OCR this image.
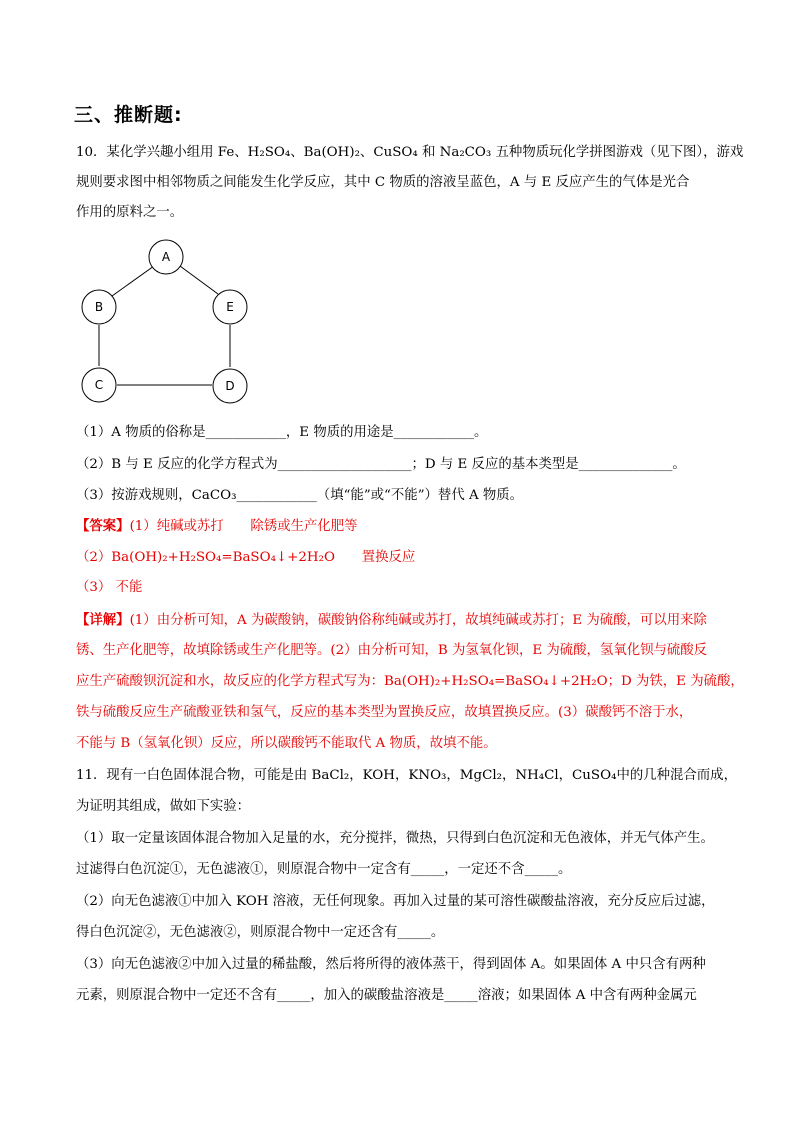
三、推断题:
10．某化学兴趣小组用 Fe、H₂SO₄、Ba(OH)₂、CuSO₄ 和 Na₂CO₃ 五种物质玩化学拼图游戏（见下图），游戏
规则要求图中相邻物质之间能发生化学反应，其中 C 物质的溶液呈蓝色，A 与 E 反应产生的气体是光合
作用的原料之一。
A
B	E
C	D
（1）A 物质的俗称是____________，E 物质的用途是____________。
（2）B 与 E 反应的化学方程式为____________________；D 与 E 反应的基本类型是______________。
（3）按游戏规则，CaCO₃____________（填“能”或“不能”）替代 A 物质。
【答案】(1）纯碱或苏打　　除锈或生产化肥等
（2）Ba(OH)₂+H₂SO₄=BaSO₄↓+2H₂O　　置换反应
（3） 不能
【详解】(1）由分析可知，A 为碳酸钠，碳酸钠俗称纯碱或苏打，故填纯碱或苏打；E 为硫酸，可以用来除
锈、生产化肥等，故填除锈或生产化肥等。(2）由分析可知，B 为氢氧化钡，E 为硫酸，氢氧化钡与硫酸反
应生产硫酸钡沉淀和水，故反应的化学方程式写为：Ba(OH)₂+H₂SO₄=BaSO₄↓+2H₂O；D 为铁，E 为硫酸，
铁与硫酸反应生产硫酸亚铁和氢气，反应的基本类型为置换反应，故填置换反应。(3）碳酸钙不溶于水，
不能与 B（氢氧化钡）反应，所以碳酸钙不能取代 A 物质，故填不能。
11．现有一白色固体混合物，可能是由 BaCl₂，KOH，KNO₃，MgCl₂，NH₄Cl，CuSO₄中的几种混合而成，
为证明其组成，做如下实验：
（1）取一定量该固体混合物加入足量的水，充分搅拌，微热，只得到白色沉淀和无色液体，并无气体产生。
过滤得白色沉淀①，无色滤液①，则原混合物中一定含有_____，一定还不含_____。
（2）向无色滤液①中加入 KOH 溶液，无任何现象。再加入过量的某可溶性碳酸盐溶液，充分反应后过滤，
得白色沉淀②，无色滤液②，则原混合物中一定还含有_____。
（3）向无色滤液②中加入过量的稀盐酸，然后将所得的液体蒸干，得到固体 A。如果固体 A 中只含有两种
元素，则原混合物中一定还不含有_____，加入的碳酸盐溶液是_____溶液；如果固体 A 中含有两种金属元
